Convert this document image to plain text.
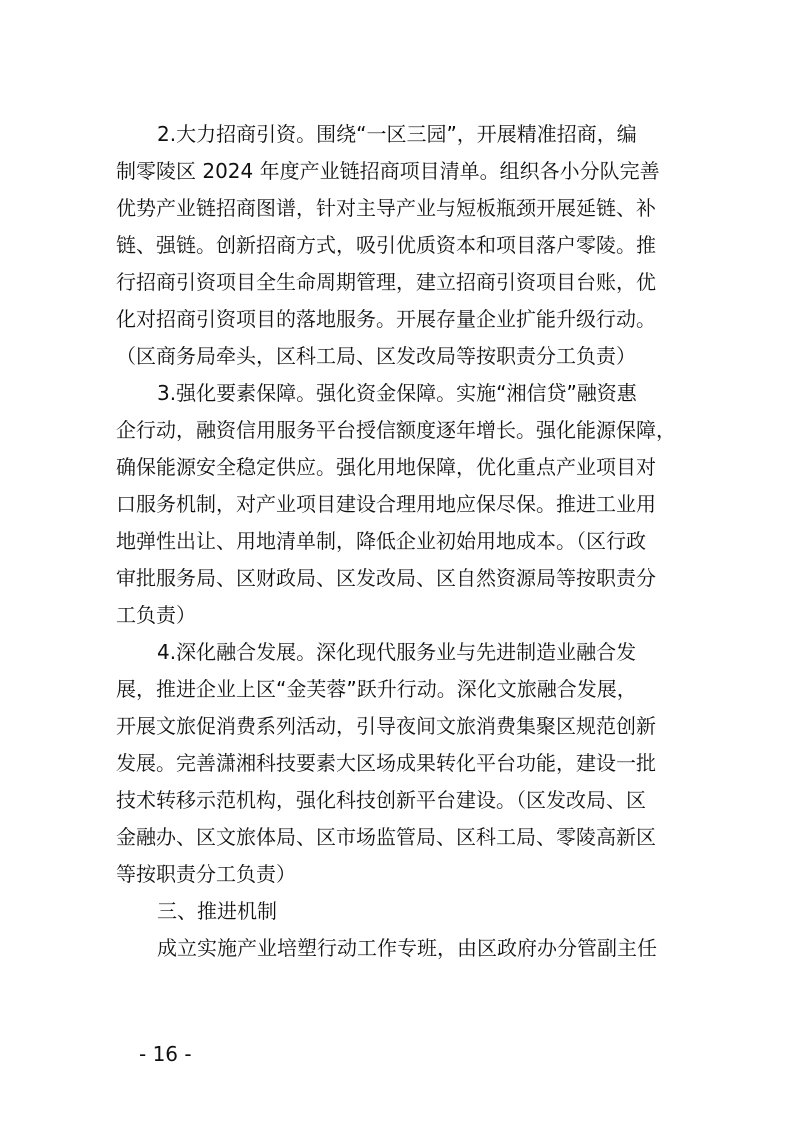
2.大力招商引资。围绕“一区三园”，开展精准招商，编
制零陵区 2024 年度产业链招商项目清单。组织各小分队完善
优势产业链招商图谱，针对主导产业与短板瓶颈开展延链、补
链、强链。创新招商方式，吸引优质资本和项目落户零陵。推
行招商引资项目全生命周期管理，建立招商引资项目台账，优
化对招商引资项目的落地服务。开展存量企业扩能升级行动。
（区商务局牵头，区科工局、区发改局等按职责分工负责）
3.强化要素保障。强化资金保障。实施“湘信贷”融资惠
企行动，融资信用服务平台授信额度逐年增长。强化能源保障，
确保能源安全稳定供应。强化用地保障，优化重点产业项目对
口服务机制，对产业项目建设合理用地应保尽保。推进工业用
地弹性出让、用地清单制，降低企业初始用地成本。（区行政
审批服务局、区财政局、区发改局、区自然资源局等按职责分
工负责）
4.深化融合发展。深化现代服务业与先进制造业融合发
展，推进企业上区“金芙蓉”跃升行动。深化文旅融合发展，
开展文旅促消费系列活动，引导夜间文旅消费集聚区规范创新
发展。完善潇湘科技要素大区场成果转化平台功能，建设一批
技术转移示范机构，强化科技创新平台建设。（区发改局、区
金融办、区文旅体局、区市场监管局、区科工局、零陵高新区
等按职责分工负责）
三、推进机制
成立实施产业培塑行动工作专班，由区政府办分管副主任
- 16 -
